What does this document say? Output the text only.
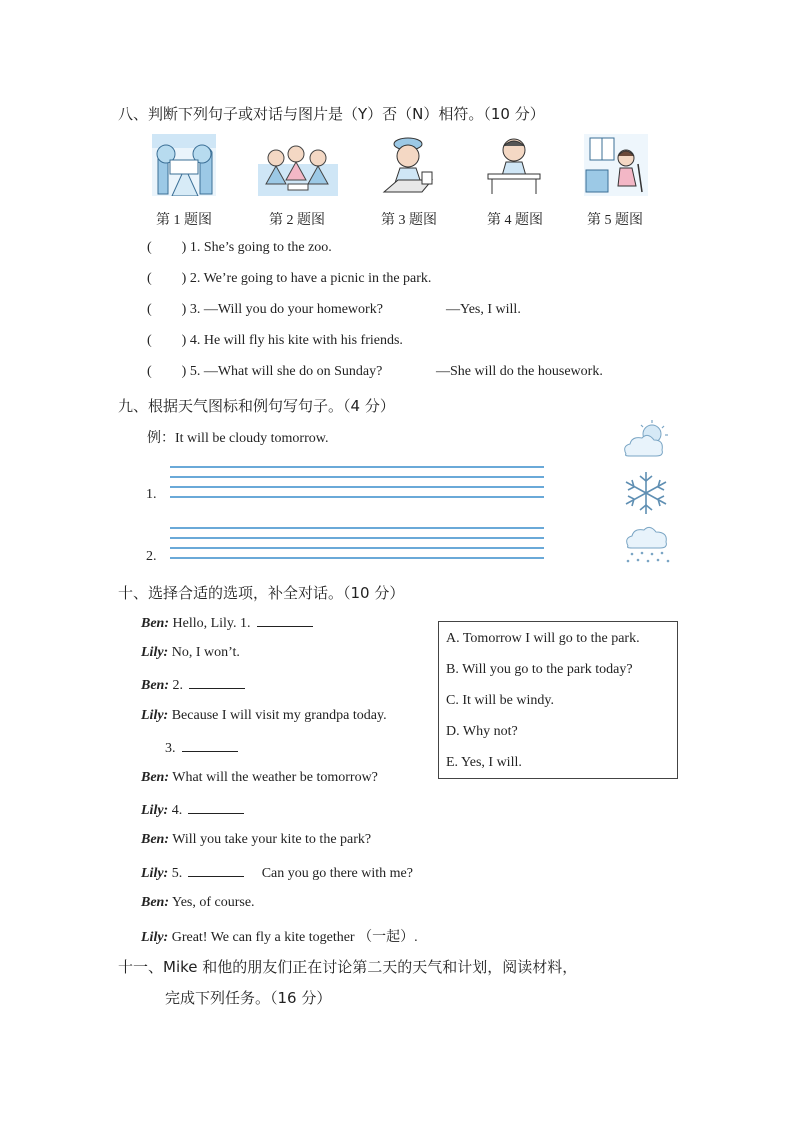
八、判断下列句子或对话与图片是（Y）否（N）相符。（10 分）
第 1 题图	第 2 题图	第 3 题图	第 4 题图	第 5 题图
( ) 1. She’s going to the zoo.
( ) 2. We’re going to have a picnic in the park.
( ) 3. —Will you do your homework?	—Yes, I will.
( ) 4. He will fly his kite with his friends.
( ) 5. —What will she do on Sunday?	—She will do the housework.
九、根据天气图标和例句写句子。（4 分）
例：It will be cloudy tomorrow.
1.
2.
十、选择合适的选项，补全对话。（10 分）
Ben: Hello, Lily. 1.
Lily: No, I won’t.
Ben: 2.
Lily: Because I will visit my grandpa today.
3.
Ben: What will the weather be tomorrow?
Lily: 4.
Ben: Will you take your kite to the park?
Lily: 5.	Can you go there with me?
Ben: Yes, of course.
Lily: Great! We can fly a kite together （一起）.
A. Tomorrow I will go to the park.
B. Will you go to the park today?
C. It will be windy.
D. Why not?
E. Yes, I will.
十一、Mike 和他的朋友们正在讨论第二天的天气和计划，阅读材料，
完成下列任务。（16 分）
